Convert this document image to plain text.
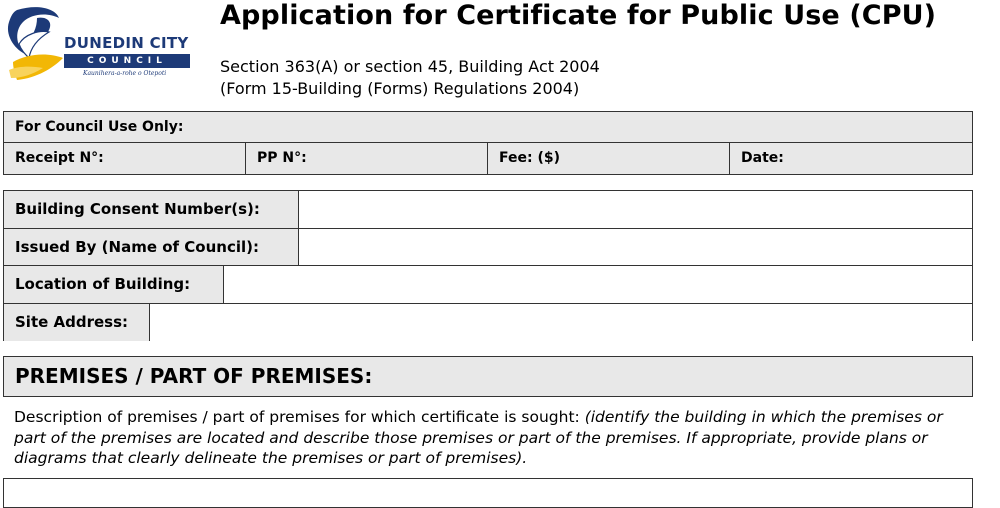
DUNEDIN CITY
COUNCIL
Kaunihera-a-rohe o Otepoti
Application for Certificate for Public Use (CPU)
Section 363(A) or section 45, Building Act 2004
(Form 15-Building (Forms) Regulations 2004)
For Council Use Only:
Receipt N°:	PP N°:	Fee: ($)	Date:
Building Consent Number(s):
Issued By (Name of Council):
Location of Building:
Site Address:
PREMISES / PART OF PREMISES:
Description of premises / part of premises for which certificate is sought: (identify the building in which the premises or part of the premises are located and describe those premises or part of the premises. If appropriate, provide plans or diagrams that clearly delineate the premises or part of premises).
